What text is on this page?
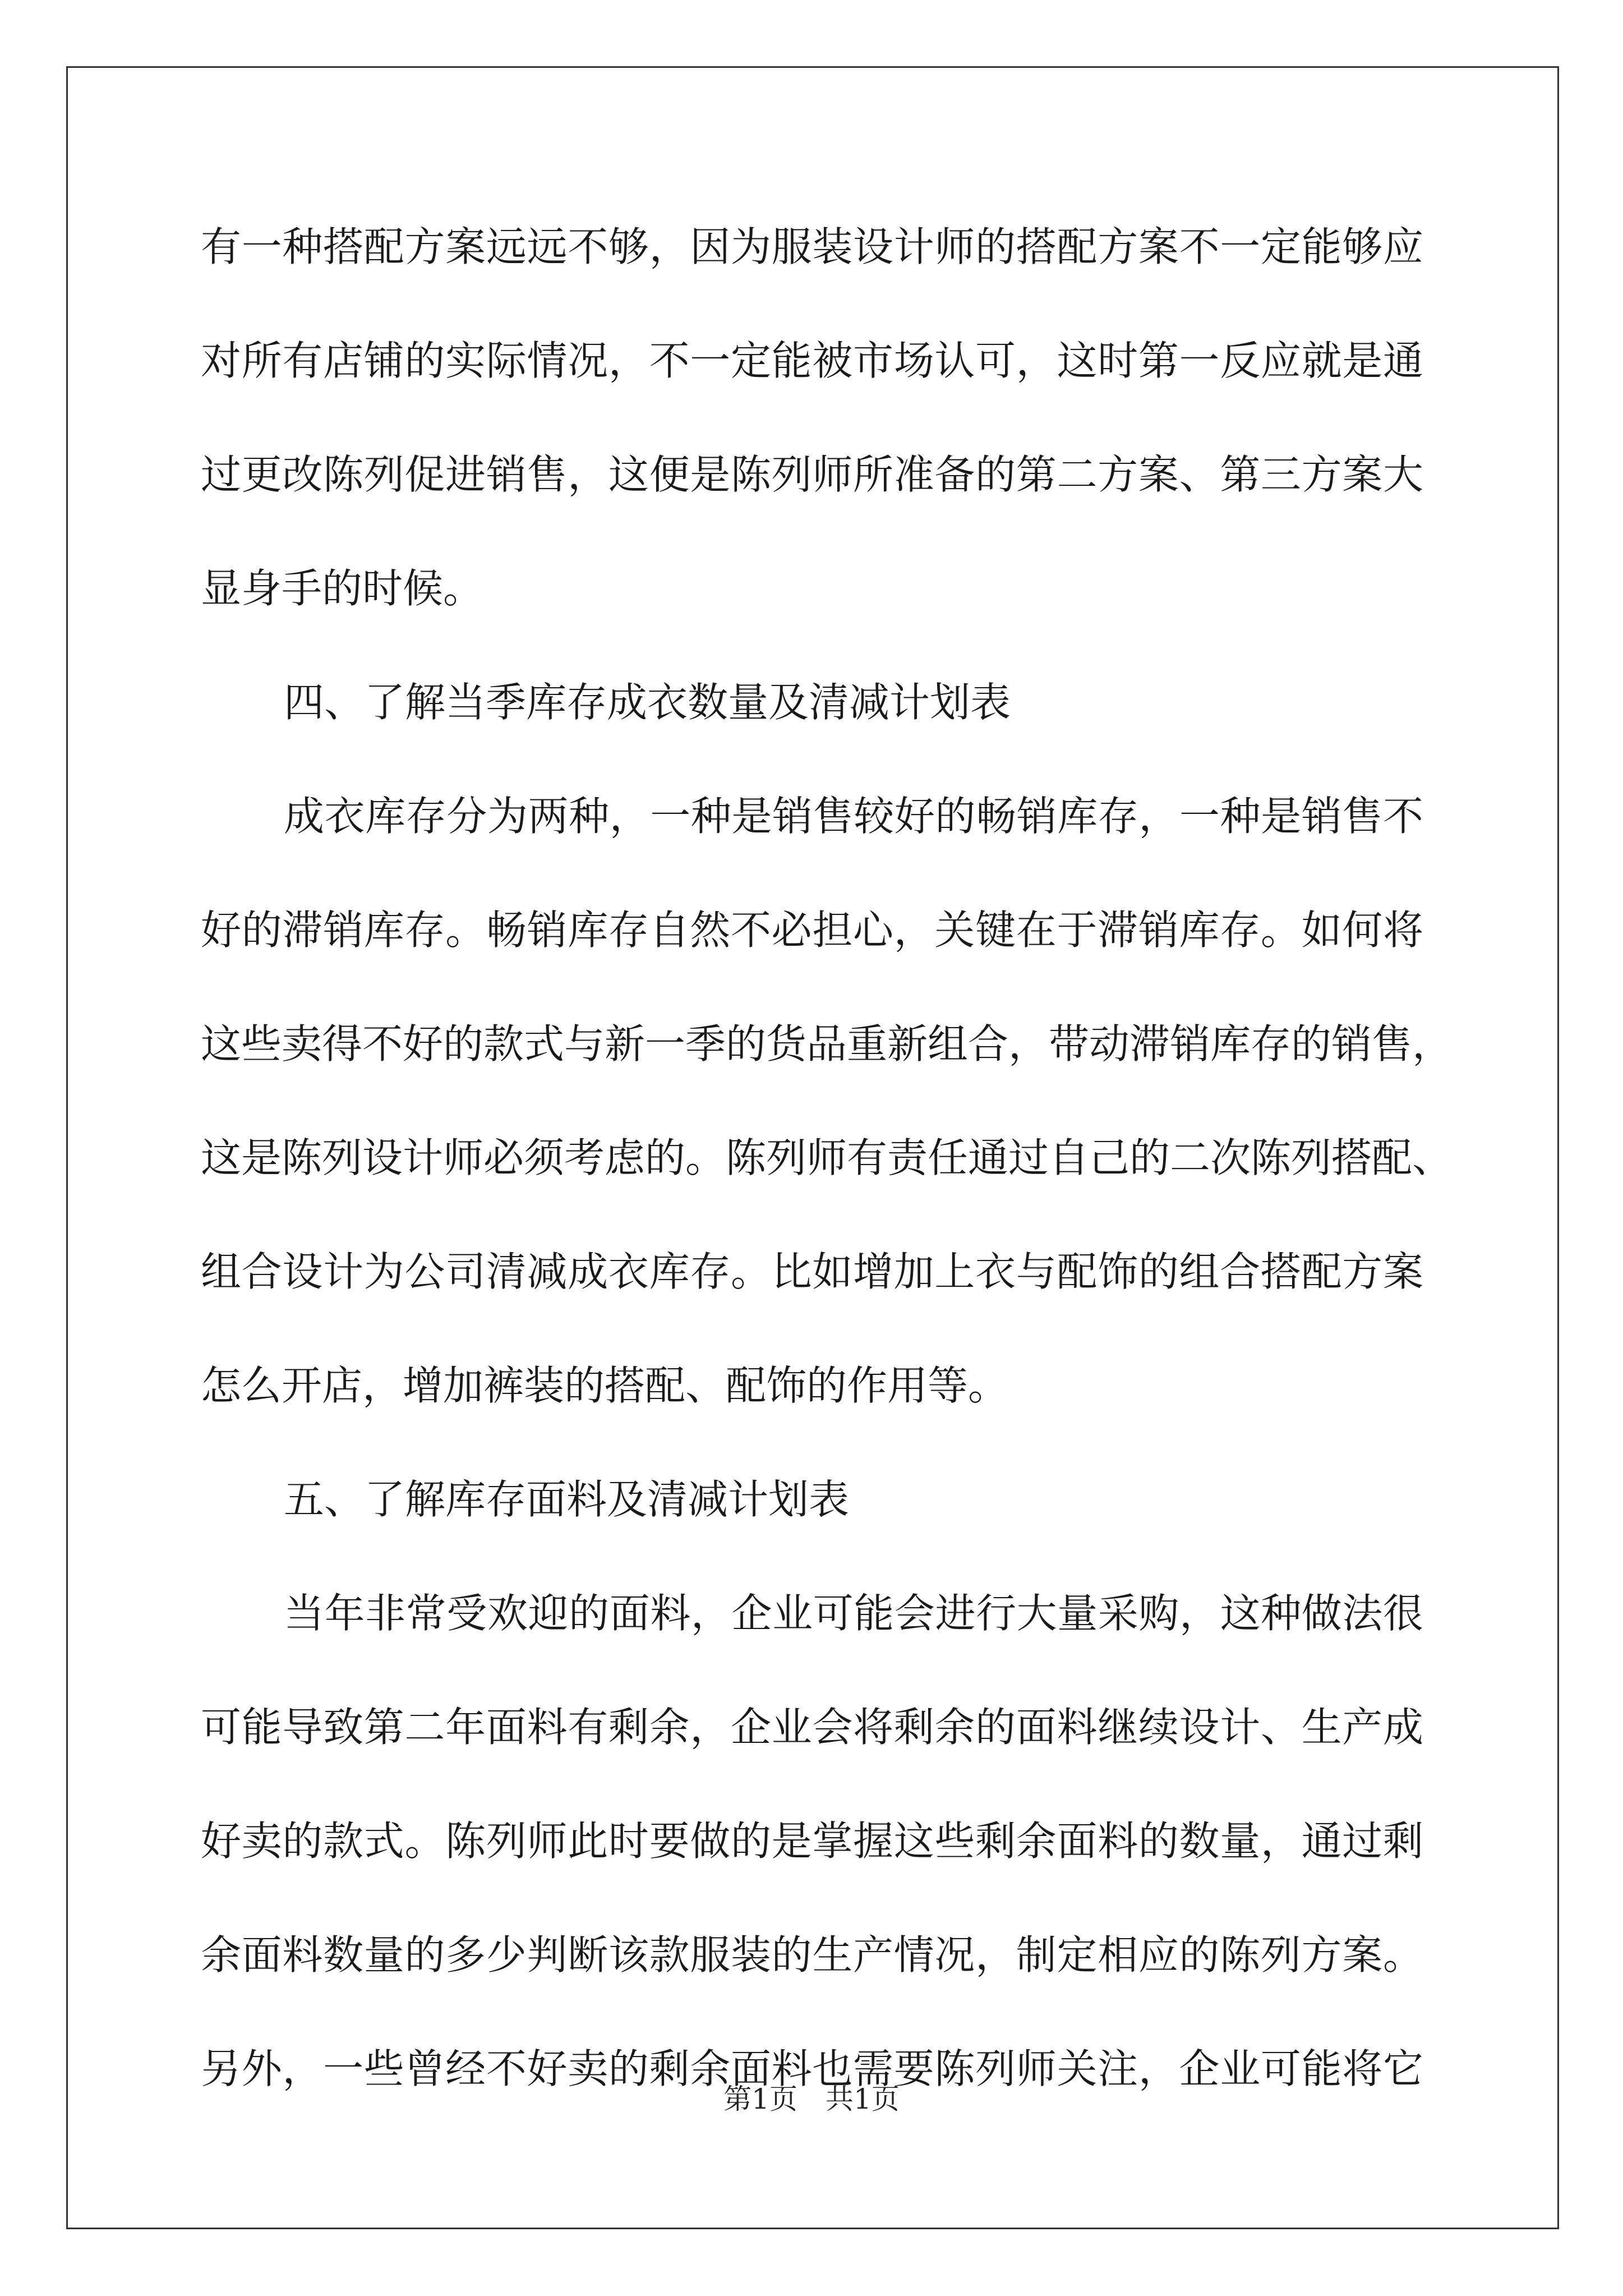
有一种搭配方案远远不够，因为服装设计师的搭配方案不一定能够应
对所有店铺的实际情况，不一定能被市场认可，这时第一反应就是通
过更改陈列促进销售，这便是陈列师所准备的第二方案、第三方案大
显身手的时候。
四、了解当季库存成衣数量及清减计划表
成衣库存分为两种，一种是销售较好的畅销库存，一种是销售不
好的滞销库存。畅销库存自然不必担心，关键在于滞销库存。如何将
这些卖得不好的款式与新一季的货品重新组合，带动滞销库存的销售，
这是陈列设计师必须考虑的。陈列师有责任通过自己的二次陈列搭配、
组合设计为公司清减成衣库存。比如增加上衣与配饰的组合搭配方案
怎么开店，增加裤装的搭配、配饰的作用等。
五、了解库存面料及清减计划表
当年非常受欢迎的面料，企业可能会进行大量采购，这种做法很
可能导致第二年面料有剩余，企业会将剩余的面料继续设计、生产成
好卖的款式。陈列师此时要做的是掌握这些剩余面料的数量，通过剩
余面料数量的多少判断该款服装的生产情况，制定相应的陈列方案。
另外，一些曾经不好卖的剩余面料也需要陈列师关注，企业可能将它
第1页　共1页
